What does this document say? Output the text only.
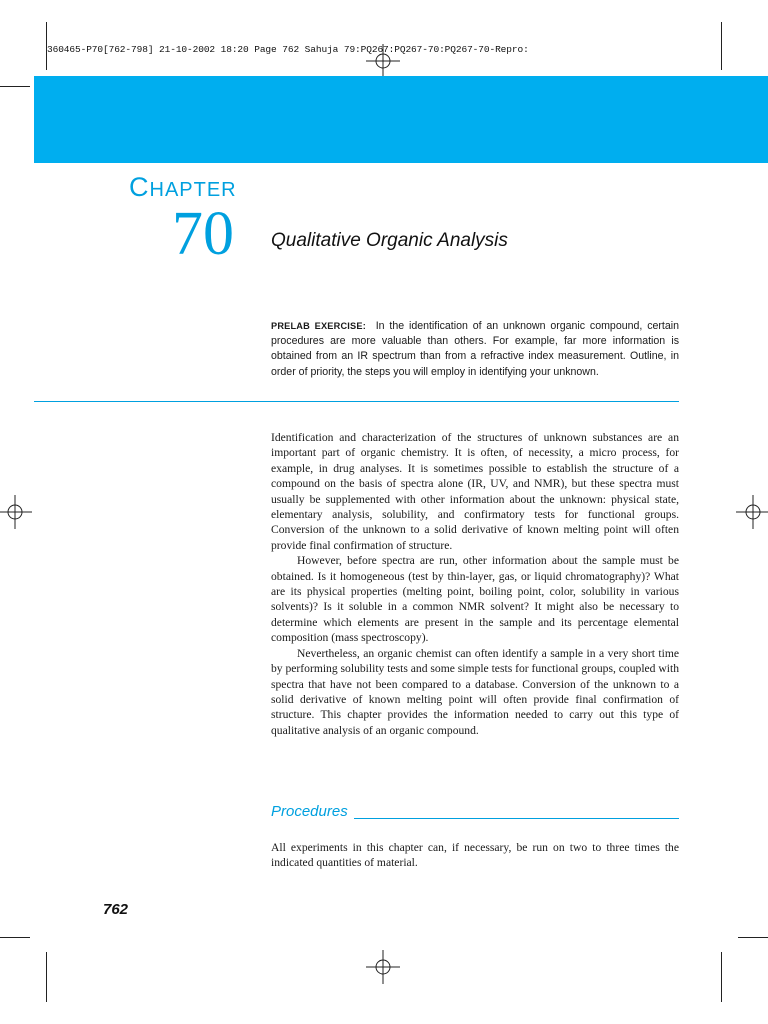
360465-P70[762-798] 21-10-2002 18:20 Page 762 Sahuja 79:PQ267:PQ267-70:PQ267-70-Repro:
CHAPTER
70 Qualitative Organic Analysis
PRELAB EXERCISE: In the identification of an unknown organic compound, certain procedures are more valuable than others. For example, far more information is obtained from an IR spectrum than from a refractive index measurement. Outline, in order of priority, the steps you will employ in identifying your unknown.

Identification and characterization of the structures of unknown substances are an important part of organic chemistry. It is often, of necessity, a micro process, for example, in drug analyses. It is sometimes possible to establish the structure of a compound on the basis of spectra alone (IR, UV, and NMR), but these spectra must usually be supplemented with other information about the unknown: physical state, elementary analysis, solubility, and confirmatory tests for functional groups. Conversion of the unknown to a solid derivative of known melting point will often provide final confirmation of structure.

However, before spectra are run, other information about the sample must be obtained. Is it homogeneous (test by thin-layer, gas, or liquid chromatography)? What are its physical properties (melting point, boiling point, color, solubility in various solvents)? Is it soluble in a common NMR solvent? It might also be necessary to determine which elements are present in the sample and its percentage elemental composition (mass spectroscopy).

Nevertheless, an organic chemist can often identify a sample in a very short time by performing solubility tests and some simple tests for functional groups, coupled with spectra that have not been compared to a database. Conversion of the unknown to a solid derivative of known melting point will often provide final confirmation of structure. This chapter provides the information needed to carry out this type of qualitative analysis of an organic compound.

Procedures
All experiments in this chapter can, if necessary, be run on two to three times the indicated quantities of material.
762
